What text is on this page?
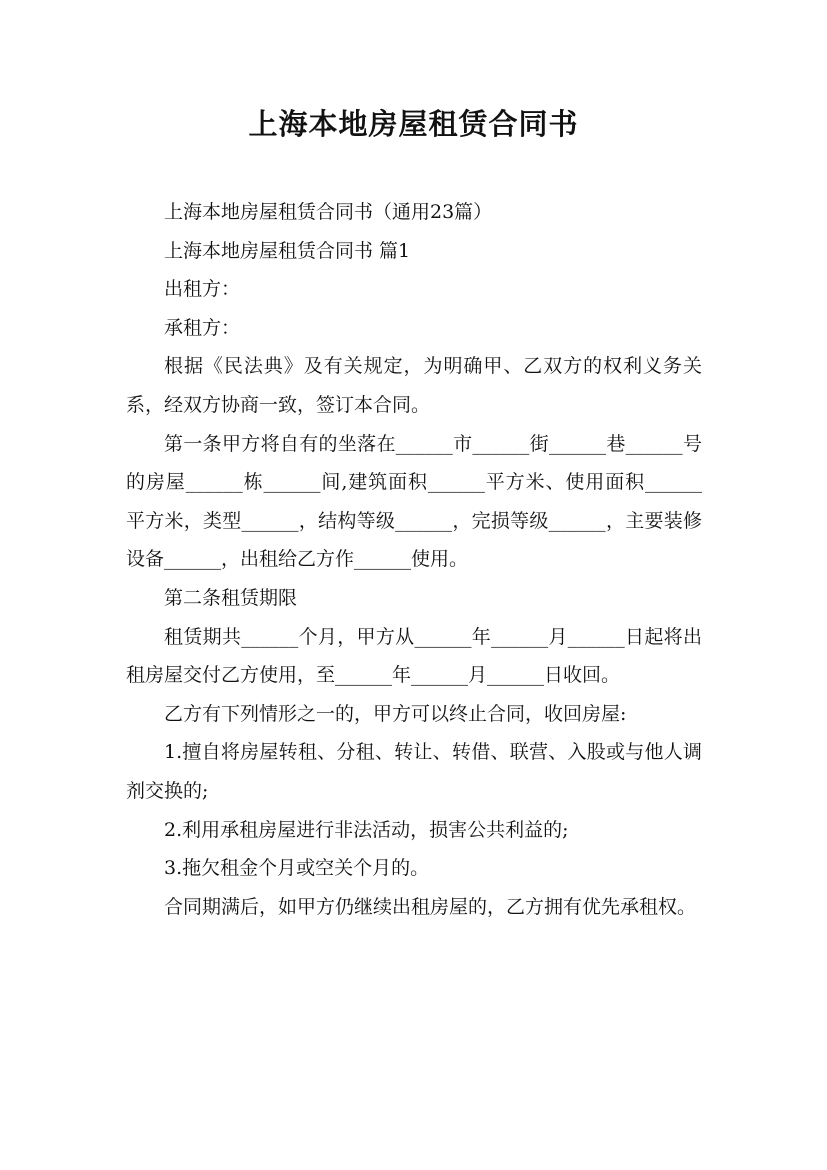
上海本地房屋租赁合同书

上海本地房屋租赁合同书（通用23篇）

上海本地房屋租赁合同书 篇1

出租方：

承租方：

根据《民法典》及有关规定，为明确甲、乙双方的权利义务关系，经双方协商一致，签订本合同。

第一条甲方将自有的坐落在______市______街______巷______号的房屋______栋______间,建筑面积______平方米、使用面积______平方米，类型______，结构等级______，完损等级______，主要装修设备______，出租给乙方作______使用。

第二条租赁期限

租赁期共______个月，甲方从______年______月______日起将出租房屋交付乙方使用，至______年______月______日收回。

乙方有下列情形之一的，甲方可以终止合同，收回房屋:

1.擅自将房屋转租、分租、转让、转借、联营、入股或与他人调剂交换的;

2.利用承租房屋进行非法活动，损害公共利益的;

3.拖欠租金个月或空关个月的。

合同期满后，如甲方仍继续出租房屋的，乙方拥有优先承租权。
